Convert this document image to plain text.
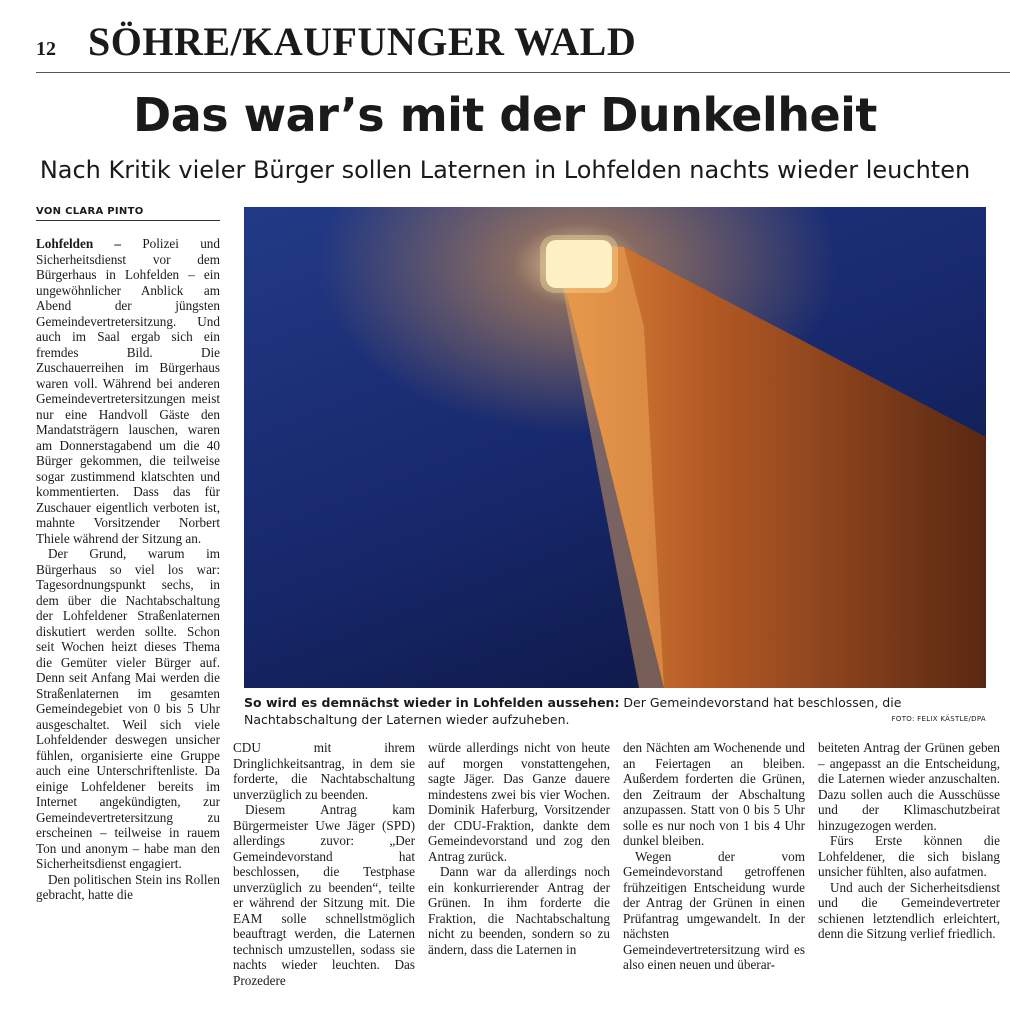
12 SÖHRE/KAUFUNGER WALD
Das war’s mit der Dunkelheit
Nach Kritik vieler Bürger sollen Laternen in Lohfelden nachts wieder leuchten
VON CLARA PINTO

Lohfelden – Polizei und Sicherheitsdienst vor dem Bürgerhaus in Lohfelden – ein ungewöhnlicher Anblick am Abend der jüngsten Gemeindevertretersitzung. Und auch im Saal ergab sich ein fremdes Bild. Die Zuschauerreihen im Bürgerhaus waren voll. Während bei anderen Gemeindevertretersitzungen meist nur eine Handvoll Gäste den Mandatsträgern lauschen, waren am Donnerstagabend um die 40 Bürger gekommen, die teilweise sogar zustimmend klatschten und kommentierten. Dass das für Zuschauer eigentlich verboten ist, mahnte Vorsitzender Norbert Thiele während der Sitzung an.

Der Grund, warum im Bürgerhaus so viel los war: Tagesordnungspunkt sechs, in dem über die Nachtabschaltung der Lohfeldener Straßenlaternen diskutiert werden sollte. Schon seit Wochen heizt dieses Thema die Gemüter vieler Bürger auf. Denn seit Anfang Mai werden die Straßenlaternen im gesamten Gemeindegebiet von 0 bis 5 Uhr ausgeschaltet. Weil sich viele Lohfeldender deswegen unsicher fühlen, organisierte eine Gruppe auch eine Unterschriftenliste. Da einige Lohfeldener bereits im Internet angekündigten, zur Gemeindevertretersitzung zu erscheinen – teilweise in rauem Ton und anonym – habe man den Sicherheitsdienst engagiert.

Den politischen Stein ins Rollen gebracht, hatte die

So wird es demnächst wieder in Lohfelden aussehen: Der Gemeindevorstand hat beschlossen, die Nachtabschaltung der Laternen wieder aufzuheben.	FOTO: FELIX KÄSTLE/DPA

CDU mit ihrem Dringlichkeitsantrag, in dem sie forderte, die Nachtabschaltung unverzüglich zu beenden.

Diesem Antrag kam Bürgermeister Uwe Jäger (SPD) allerdings zuvor: „Der Gemeindevorstand hat beschlossen, die Testphase unverzüglich zu beenden“, teilte er während der Sitzung mit. Die EAM solle schnellstmöglich beauftragt werden, die Laternen technisch umzustellen, sodass sie nachts wieder leuchten. Das Prozedere

würde allerdings nicht von heute auf morgen vonstattengehen, sagte Jäger. Das Ganze dauere mindestens zwei bis vier Wochen. Dominik Haferburg, Vorsitzender der CDU-Fraktion, dankte dem Gemeindevorstand und zog den Antrag zurück.

Dann war da allerdings noch ein konkurrierender Antrag der Grünen. In ihm forderte die Fraktion, die Nachtabschaltung nicht zu beenden, sondern so zu ändern, dass die Laternen in

den Nächten am Wochenende und an Feiertagen an bleiben. Außerdem forderten die Grünen, den Zeitraum der Abschaltung anzupassen. Statt von 0 bis 5 Uhr solle es nur noch von 1 bis 4 Uhr dunkel bleiben.

Wegen der vom Gemeindevorstand getroffenen frühzeitigen Entscheidung wurde der Antrag der Grünen in einen Prüfantrag umgewandelt. In der nächsten Gemeindevertretersitzung wird es also einen neuen und überar-

beiteten Antrag der Grünen geben – angepasst an die Entscheidung, die Laternen wieder anzuschalten. Dazu sollen auch die Ausschüsse und der Klimaschutzbeirat hinzugezogen werden.

Fürs Erste können die Lohfeldener, die sich bislang unsicher fühlten, also aufatmen.

Und auch der Sicherheitsdienst und die Gemeindevertreter schienen letztendlich erleichtert, denn die Sitzung verlief friedlich.
